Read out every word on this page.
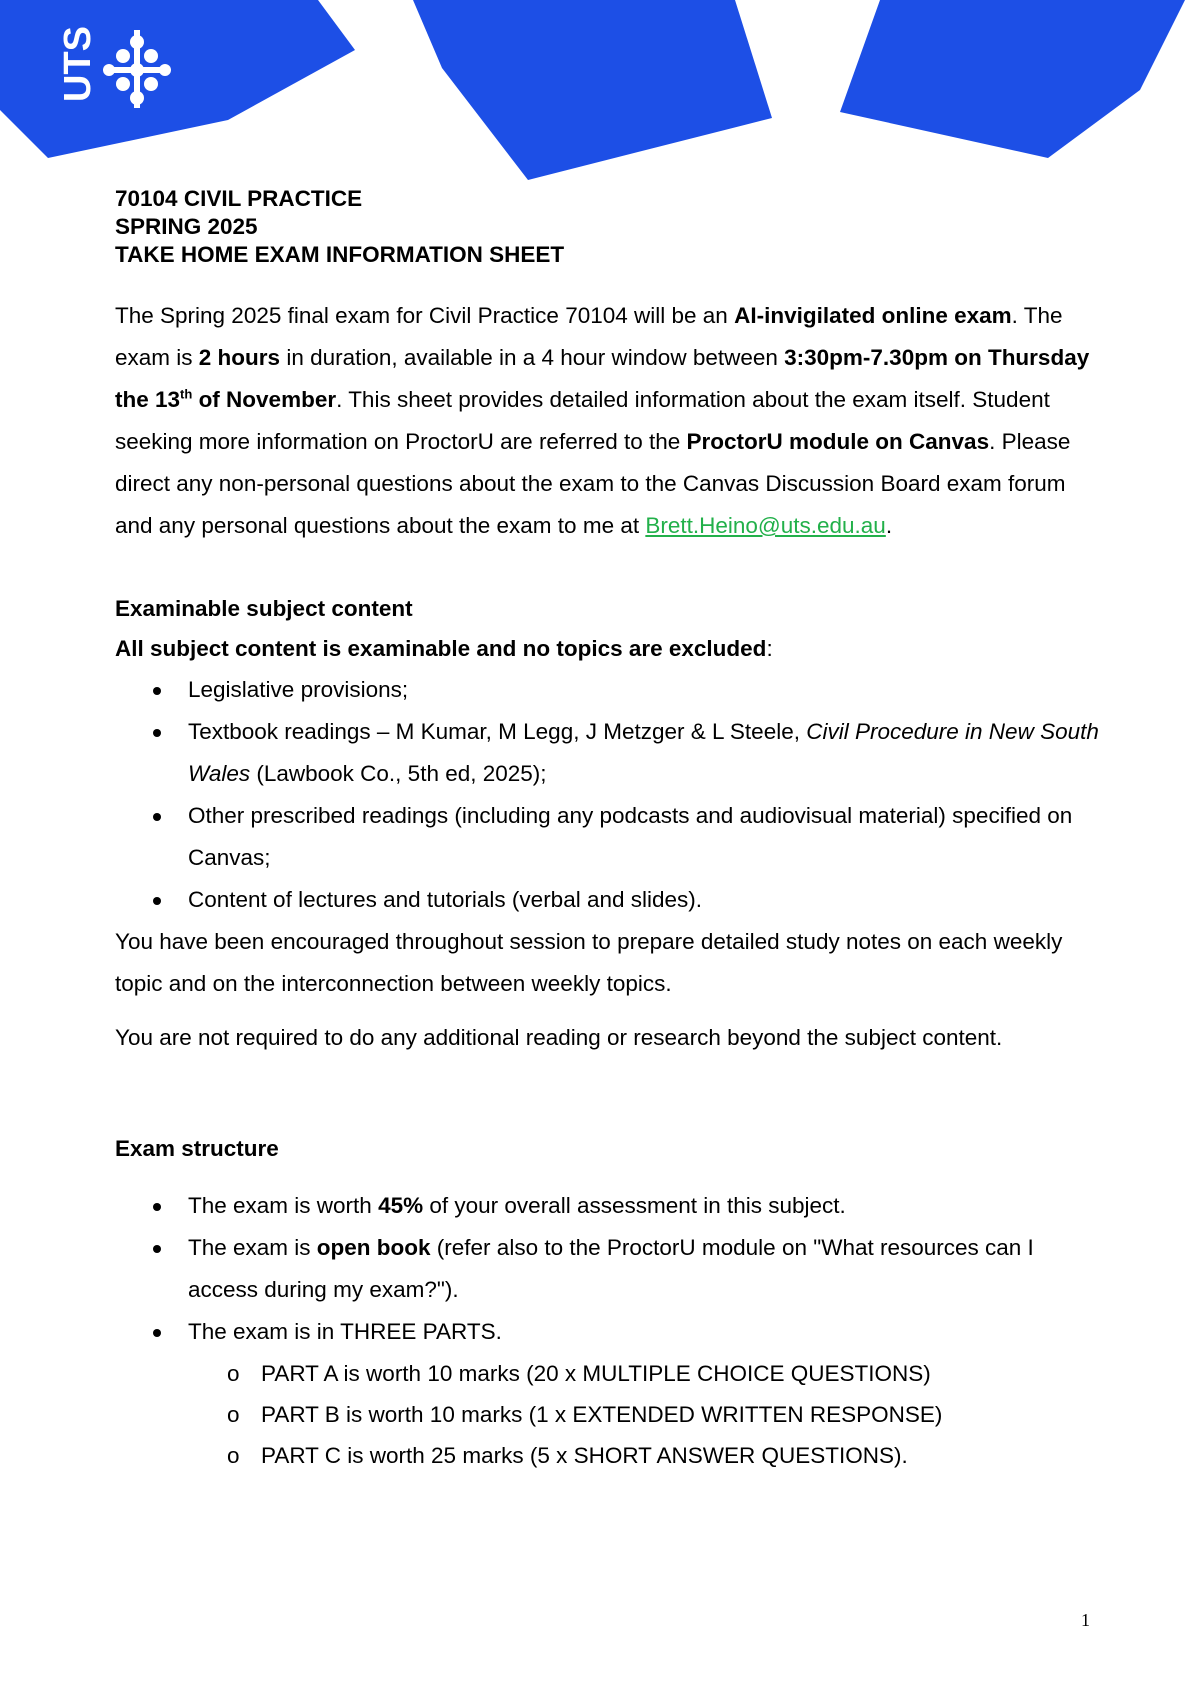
UTS

70104 CIVIL PRACTICE

SPRING 2025

TAKE HOME EXAM INFORMATION SHEET

The Spring 2025 final exam for Civil Practice 70104 will be an AI-invigilated online exam. The exam is 2 hours in duration, available in a 4 hour window between 3:30pm-7.30pm on Thursday the 13th of November. This sheet provides detailed information about the exam itself. Student seeking more information on ProctorU are referred to the ProctorU module on Canvas. Please direct any non-personal questions about the exam to the Canvas Discussion Board exam forum and any personal questions about the exam to me at Brett.Heino@uts.edu.au.

Examinable subject content

All subject content is examinable and no topics are excluded:

Legislative provisions;
Textbook readings – M Kumar, M Legg, J Metzger & L Steele, Civil Procedure in New South Wales (Lawbook Co., 5th ed, 2025);
Other prescribed readings (including any podcasts and audiovisual material) specified on Canvas;
Content of lectures and tutorials (verbal and slides).

You have been encouraged throughout session to prepare detailed study notes on each weekly topic and on the interconnection between weekly topics.

You are not required to do any additional reading or research beyond the subject content.

Exam structure

The exam is worth 45% of your overall assessment in this subject.
The exam is open book (refer also to the ProctorU module on "What resources can I access during my exam?").
The exam is in THREE PARTS.
o PART A is worth 10 marks (20 x MULTIPLE CHOICE QUESTIONS)
o PART B is worth 10 marks (1 x EXTENDED WRITTEN RESPONSE)
o PART C is worth 25 marks (5 x SHORT ANSWER QUESTIONS).
1
